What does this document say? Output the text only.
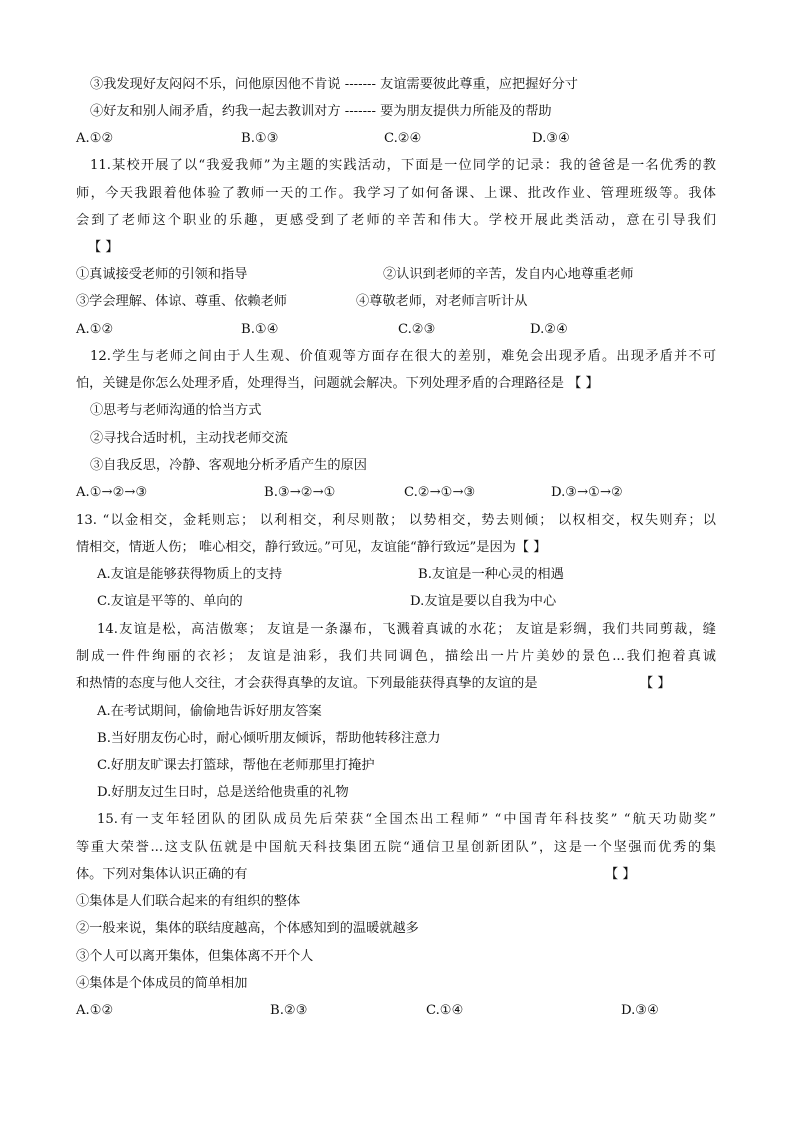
③我发现好友闷闷不乐，问他原因他不肯说 ------- 友谊需要彼此尊重，应把握好分寸
④好友和别人闹矛盾，约我一起去教训对方 ------- 要为朋友提供力所能及的帮助

A.①②

	B.①③

	C.②④

	D.③④

11.某校开展了以“我爱我师”为主题的实践活动，下面是一位同学的记录：我的爸爸是一名优秀的教
师，今天我跟着他体验了教师一天的工作。我学习了如何备课、上课、批改作业、管理班级等。我体
会到了老师这个职业的乐趣，更感受到了老师的辛苦和伟大。学校开展此类活动，意在引导我们
【 】

①真诚接受老师的引领和指导

	②认识到老师的辛苦，发自内心地尊重老师

③学会理解、体谅、尊重、依赖老师

	④尊敬老师，对老师言听计从

A.①②

	B.①④

	C.②③

	D.②④

12.学生与老师之间由于人生观、价值观等方面存在很大的差别，难免会出现矛盾。出现矛盾并不可
怕，关键是你怎么处理矛盾，处理得当，问题就会解决。下列处理矛盾的合理路径是 【 】
①思考与老师沟通的恰当方式
②寻找合适时机，主动找老师交流
③自我反思，冷静、客观地分析矛盾产生的原因

A.①→②→③

	B.③→②→①

	C.②→①→③

	D.③→①→②

13. “以金相交，金耗则忘； 以利相交，利尽则散； 以势相交，势去则倾； 以权相交，权失则弃；以
情相交，情逝人伤； 唯心相交，静行致远。”可见，友谊能“静行致远”是因为【 】

A.友谊是能够获得物质上的支持

	B.友谊是一种心灵的相遇

C.友谊是平等的、单向的

	D.友谊是要以自我为中心

14.友谊是松，高洁傲寒； 友谊是一条瀑布，飞溅着真诚的水花； 友谊是彩绸，我们共同剪裁，缝
制成一件件绚丽的衣衫； 友谊是油彩，我们共同调色，描绘出一片片美妙的景色...我们抱着真诚

和热情的态度与他人交往，才会获得真挚的友谊。下列最能获得真挚的友谊的是

	【 】

A.在考试期间，偷偷地告诉好朋友答案
B.当好朋友伤心时，耐心倾听朋友倾诉，帮助他转移注意力
C.好朋友旷课去打篮球，帮他在老师那里打掩护
D.好朋友过生日时，总是送给他贵重的礼物
15.有一支年轻团队的团队成员先后荣获“全国杰出工程师” “中国青年科技奖” “航天功勋奖”
等重大荣誉...这支队伍就是中国航天科技集团五院“通信卫星创新团队”，这是一个坚强而优秀的集

体。下列对集体认识正确的有

	【 】

①集体是人们联合起来的有组织的整体
②一般来说，集体的联结度越高，个体感知到的温暖就越多
③个人可以离开集体，但集体离不开个人
④集体是个体成员的简单相加

A.①②

	B.②③

	C.①④

	D.③④
